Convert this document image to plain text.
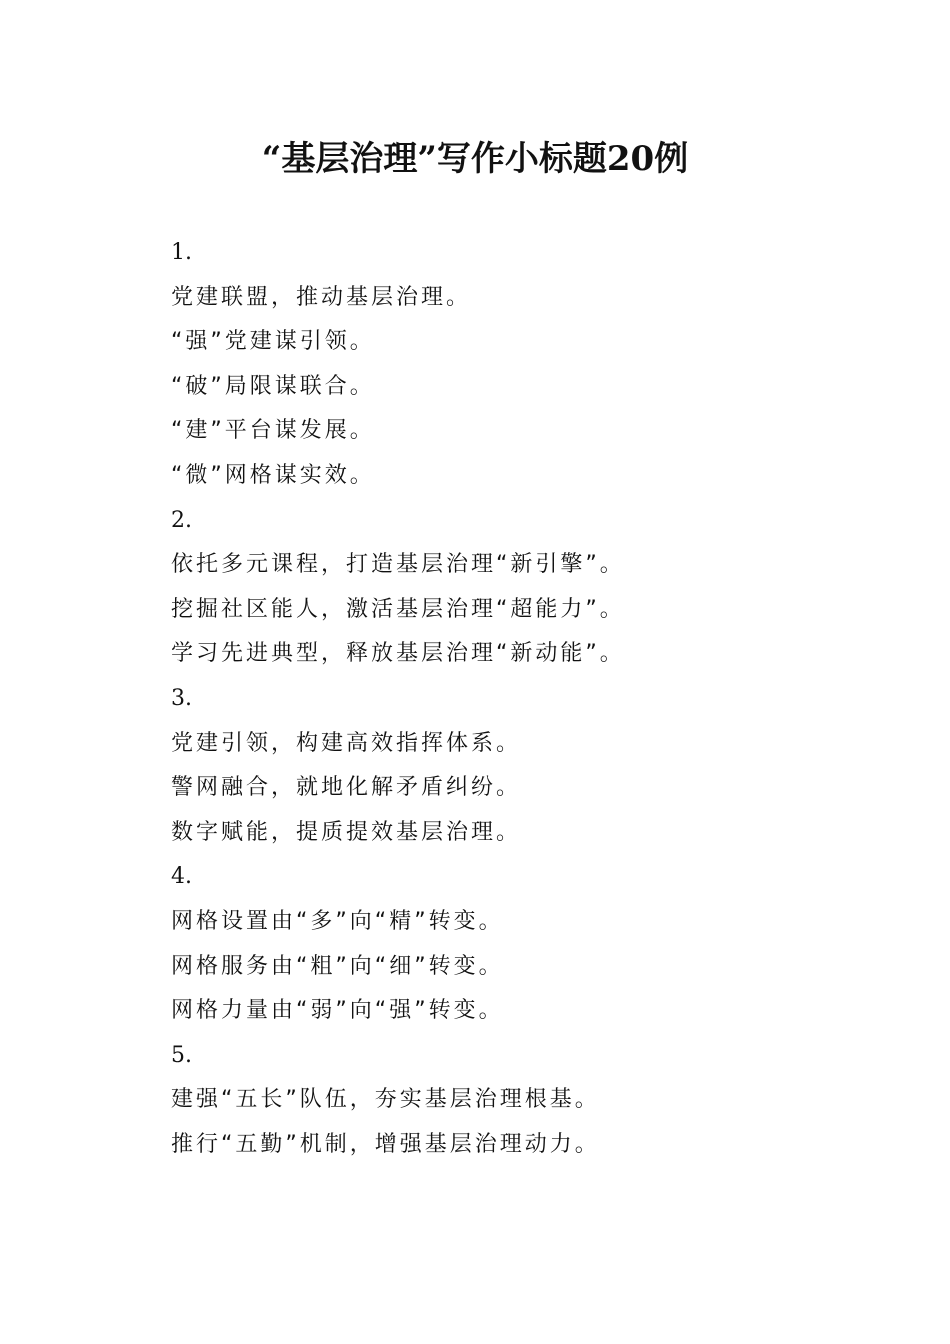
“基层治理”写作小标题20例
1.
党建联盟，推动基层治理。
“强”党建谋引领。
“破”局限谋联合。
“建”平台谋发展。
“微”网格谋实效。
2.
依托多元课程，打造基层治理“新引擎”。
挖掘社区能人，激活基层治理“超能力”。
学习先进典型，释放基层治理“新动能”。
3.
党建引领，构建高效指挥体系。
警网融合，就地化解矛盾纠纷。
数字赋能，提质提效基层治理。
4.
网格设置由“多”向“精”转变。
网格服务由“粗”向“细”转变。
网格力量由“弱”向“强”转变。
5.
建强“五长”队伍，夯实基层治理根基。
推行“五勤”机制，增强基层治理动力。
